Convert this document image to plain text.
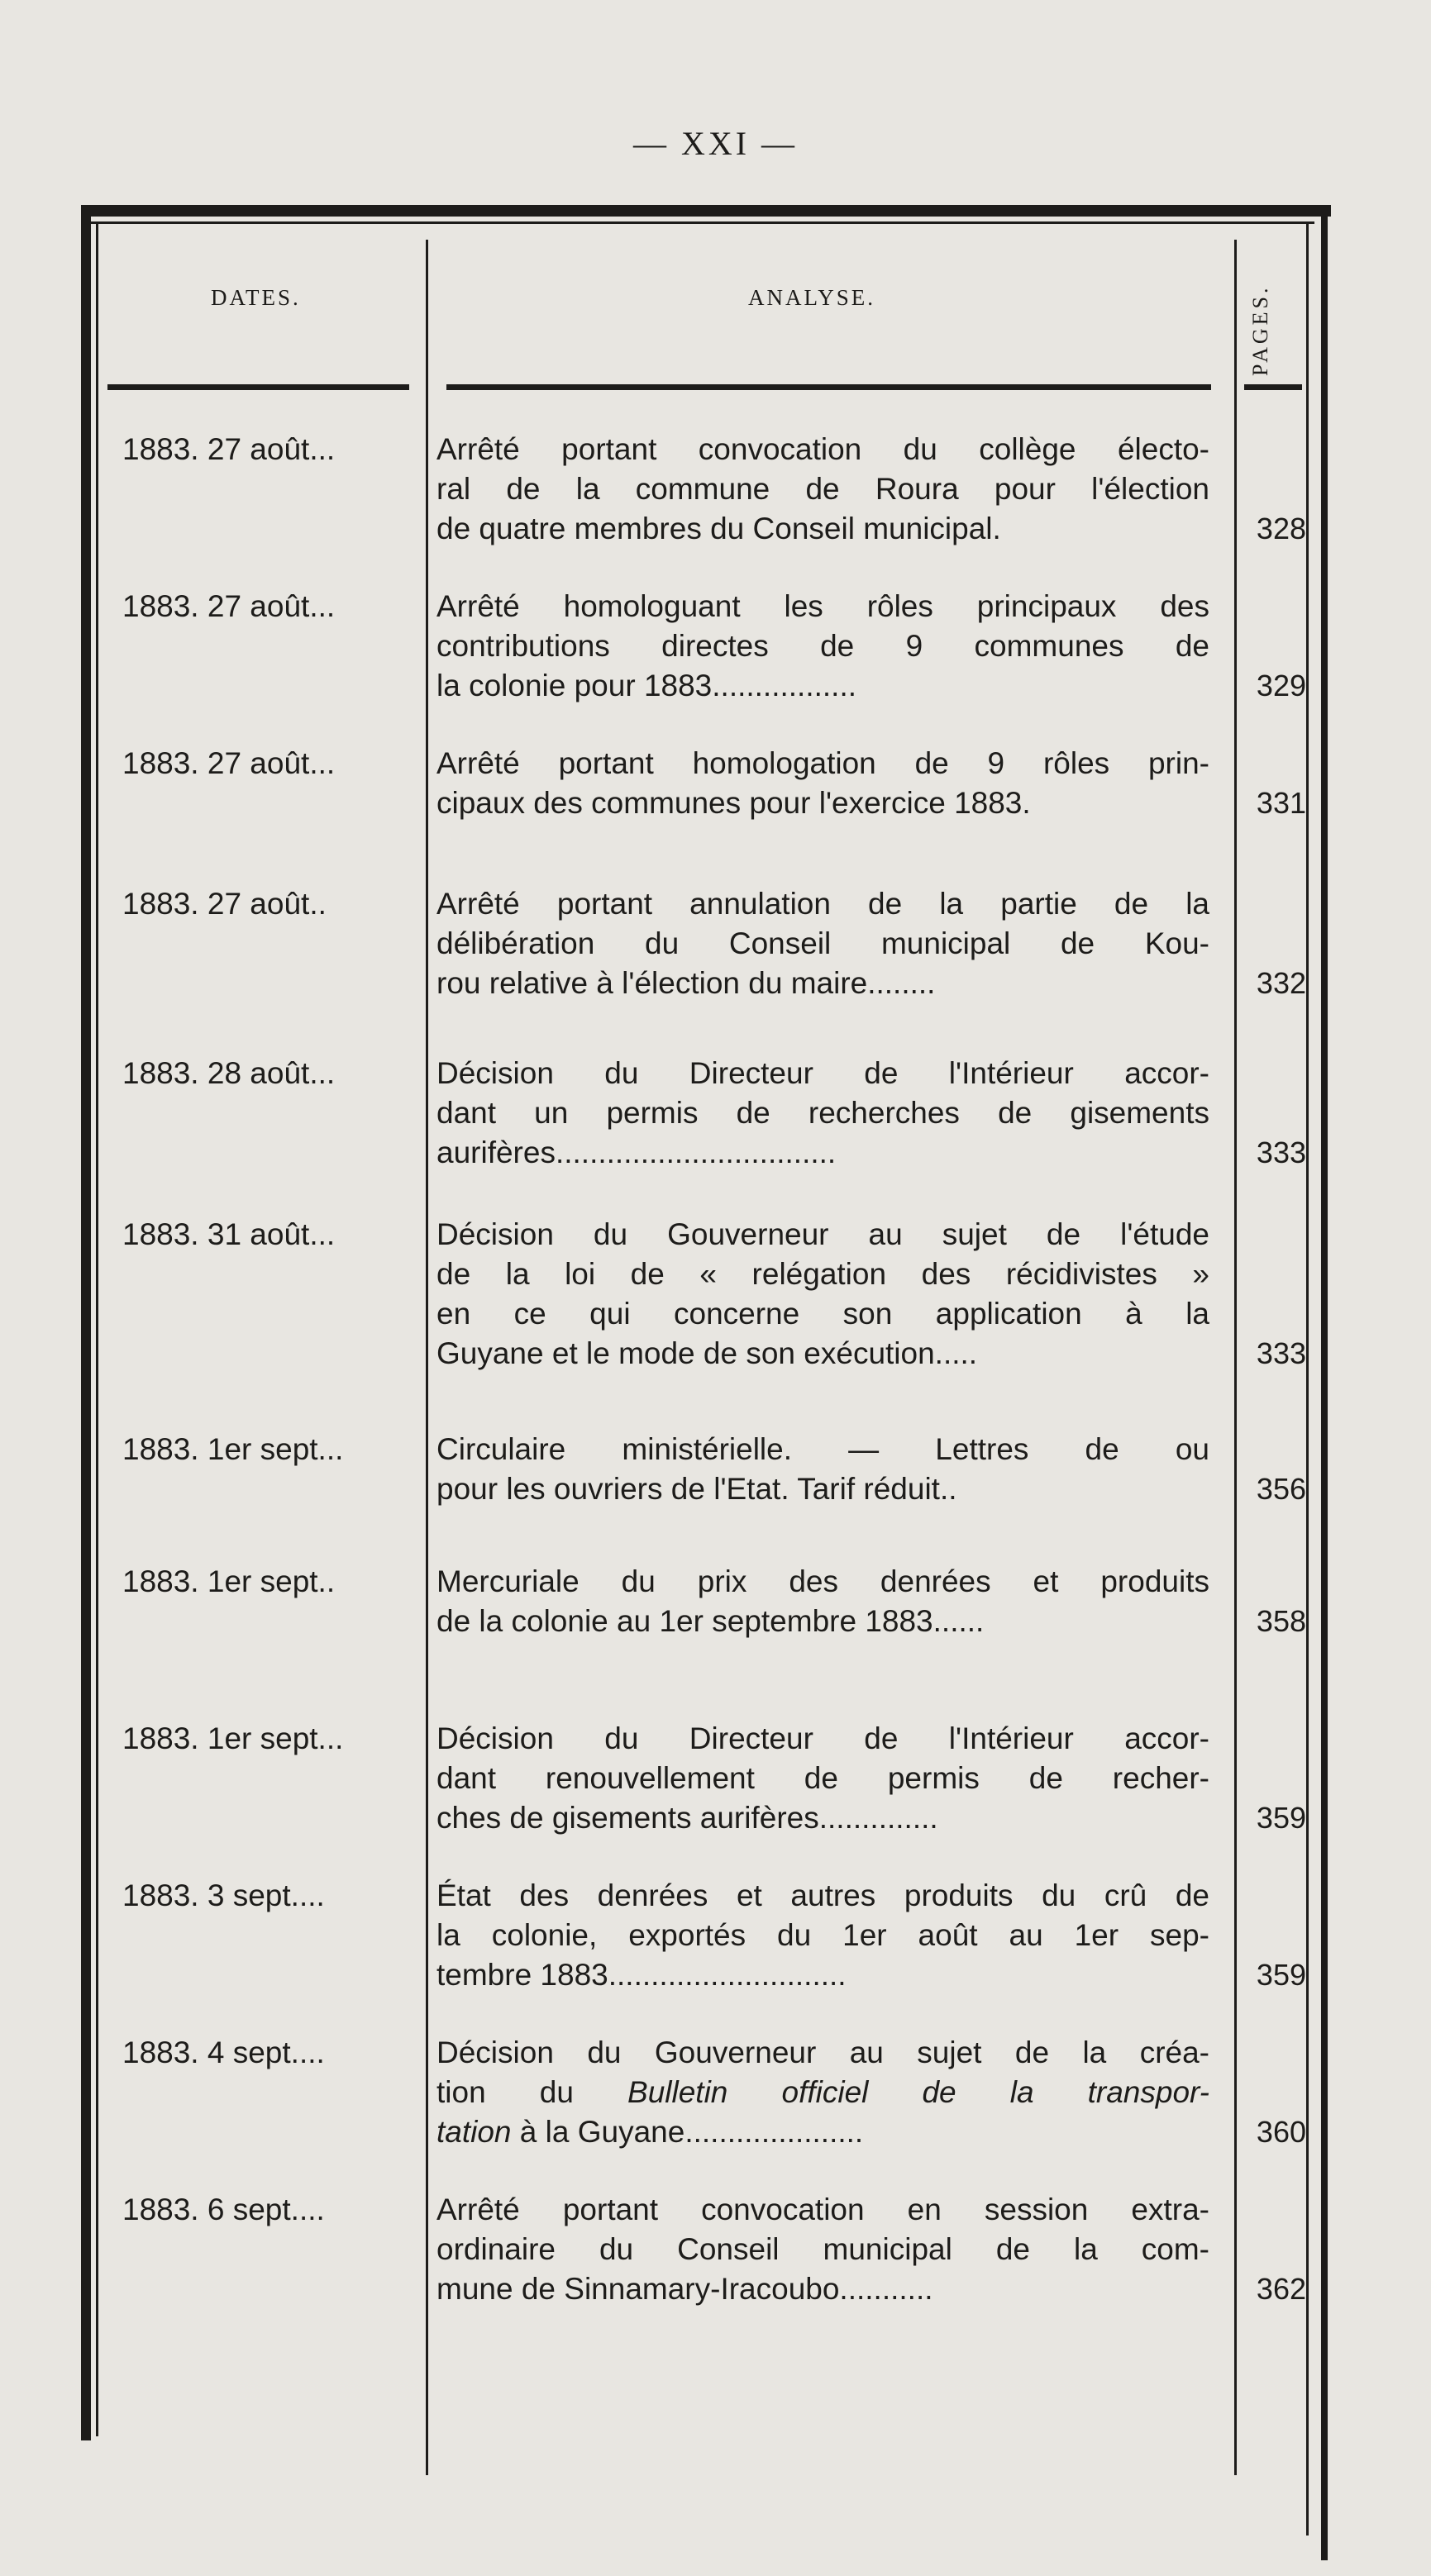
— XXI —
DATES.	ANALYSE.	PAGES.
1883. 27 août...	Arrêté portant convocation du collège électo-
ral de la commune de Roura pour l'élection
de quatre membres du Conseil municipal.	328
1883. 27 août...	Arrêté homologuant les rôles principaux des
contributions directes de 9 communes de
la colonie pour 1883.................	329
1883. 27 août...	Arrêté portant homologation de 9 rôles prin-
cipaux des communes pour l'exercice 1883.	331
1883. 27 août..	Arrêté portant annulation de la partie de la
délibération du Conseil municipal de Kou-
rou relative à l'élection du maire........	332
1883. 28 août...	Décision du Directeur de l'Intérieur accor-
dant un permis de recherches de gisements
aurifères.................................	333
1883. 31 août...	Décision du Gouverneur au sujet de l'étude
de la loi de « relégation des récidivistes »
en ce qui concerne son application à la
Guyane et le mode de son exécution.....	333
1883. 1er sept...	Circulaire ministérielle. — Lettres de ou
pour les ouvriers de l'Etat. Tarif réduit..	356
1883. 1er sept..	Mercuriale du prix des denrées et produits
de la colonie au 1er septembre 1883......	358
1883. 1er sept...	Décision du Directeur de l'Intérieur accor-
dant renouvellement de permis de recher-
ches de gisements aurifères..............	359
1883. 3 sept....	État des denrées et autres produits du crû de
la colonie, exportés du 1er août au 1er sep-
tembre 1883............................	359
1883. 4 sept....	Décision du Gouverneur au sujet de la créa-
tion du Bulletin officiel de la transpor-
tation à la Guyane.....................	360
1883. 6 sept....	Arrêté portant convocation en session extra-
ordinaire du Conseil municipal de la com-
mune de Sinnamary-Iracoubo...........	362
